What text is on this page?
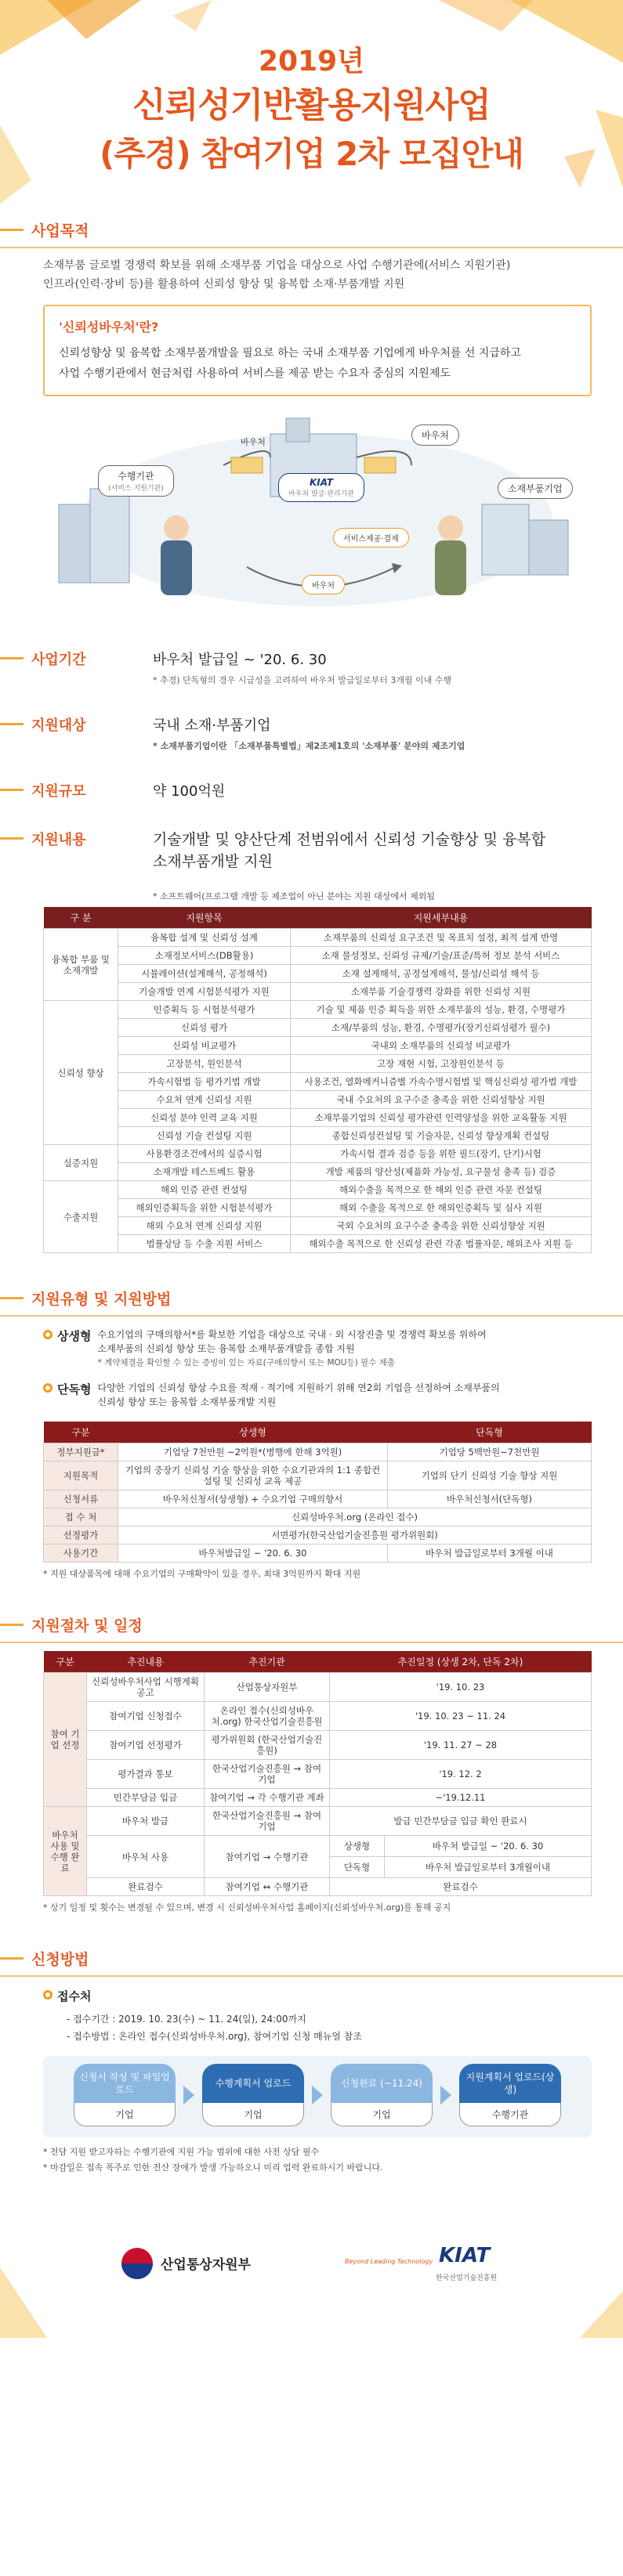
2019년
신뢰성기반활용지원사업
(추경) 참여기업 2차 모집안내
사업목적

소재부품 글로벌 경쟁력 확보를 위해 소재부품 기업을 대상으로 사업 수행기관에(서비스 지원기관)

인프라(인력·장비 등)를 활용하여 신뢰성 향상 및 융복합 소재·부품개발 지원

'신뢰성바우처'란?

신뢰성향상 및 융복합 소재부품개발을 필요로 하는 국내 소재부품 기업에게 바우처를 선 지급하고

사업 수행기관에서 현금처럼 사용하여 서비스를 제공 받는 수요자 중심의 지원제도

수행기관
(서비스 지원기관)
바우처
KIAT
바우처 발급·관리기관
바우처
소재부품기업
서비스제공·결제
바우처
사업기간	바우처 발급일 ~ '20. 6. 30
* 추경) 단독형의 경우 시급성을 고려하여 바우처 발급일로부터 3개월 이내 수행
지원대상	국내 소재·부품기업
* 소재부품기업이란 「소재부품특별법」제2조제1호의 '소재부품' 분야의 제조기업
지원규모	약 100억원
지원내용	기술개발 및 양산단계 전범위에서 신뢰성 기술향상 및 융복합
소재부품개발 지원
* 소프트웨어(프로그램 개발 등 제조업이 아닌 분야는 지원 대상에서 제외됨
구 분	지원항목	지원세부내용
융복합 부품 및소재개발	융복합 설계 및 신뢰성 설계	소재부품의 신뢰성 요구조건 및 목표치 설정, 최적 설계 반영
	소재정보서비스(DB활용)	소재 물성정보, 신뢰성 규제/기술/표준/특허 정보 분석 서비스
	시뮬레이션(설계해석, 공정해석)	소재 설계해석, 공정설계해석, 물성/신뢰성 해석 등
	기술개발 연계 시험분석평가 지원	소재부품 기술경쟁력 강화를 위한 신뢰성 지원
신뢰성 향상	인증획득 등 시험분석평가	기술 및 제품 인증 획득을 위한 소재부품의 성능, 환경, 수명평가
	신뢰성 평가	소재/부품의 성능, 환경, 수명평가(장기신뢰성평가 필수)
	신뢰성 비교평가	국내외 소재부품의 신뢰성 비교평가
	고장분석, 원인분석	고장 재현 시험, 고장원인분석 등
	가속시험법 등 평가기법 개발	사용조건, 열화메커니즘별 가속수명시험법 및 핵심신뢰성 평가법 개발
	수요처 연계 신뢰성 지원	국내 수요처의 요구수준 충족을 위한 신뢰성향상 지원
	신뢰성 분야 인력 교육 지원	소재부품기업의 신뢰성 평가관련 인력양성을 위한 교육활동 지원
	신뢰성 기술 컨설팅 지원	종합신뢰성컨설팅 및 기술자문, 신뢰성 향상계획 컨설팅
실증지원	사용환경조건에서의 실증시험	가속시험 결과 검증 등을 위한 필드(장기, 단기)시험
	소재개발 테스트베드 활용	개발 제품의 양산성(제품화 가능성, 요구물성 충족 등) 검증
수출지원	해외 인증 관련 컨설팅	해외수출을 목적으로 한 해외 인증 관련 자문 컨설팅
	해외인증획득을 위한 시험분석평가	해외 수출을 목적으로 한 해외인증획득 및 심사 지원
	해외 수요처 연계 신뢰성 지원	국외 수요처의 요구수준 충족을 위한 신뢰성향상 지원
	법률상담 등 수출 지원 서비스	해외수출 목적으로 한 신뢰성 관련 각종 법률자문, 해외조사 지원 등
지원유형 및 지원방법
상생형 수요기업의 구매의향서*를 확보한 기업을 대상으로 국내 · 외 시장진출 및 경쟁력 확보를 위하여
소재부품의 신뢰성 향상 또는 융복합 소재부품개발을 종합 지원
* 계약체결을 확인할 수 있는 증빙이 있는 자료(구매의향서 또는 MOU등) 필수 제출
단독형 다양한 기업의 신뢰성 향상 수요를 적재 · 적기에 지원하기 위해 연2회 기업을 선정하여 소재부품의
신뢰성 향상 또는 융복합 소재부품개발 지원
구분	상생형	단독형
정부지원금*	기업당 7천만원 ~2억원*(병행에 한해 3억원)	기업당 5백만원~7천만원
지원목적	기업의 중장기 신뢰성 기술 향상을 위한 수요기관과의 1:1 종합컨설팅 및 신뢰성 교육 제공	기업의 단기 신뢰성 기술 향상 지원
신청서류	바우처신청서(상생형) + 수요기업 구매의향서	바우처신청서(단독형)
접 수 처	신뢰성바우처.org (온라인 접수)	
선정평가	서면평가(한국산업기술진흥원 평가위원회)	
사용기간	바우처발급일 ~ '20. 6. 30	바우처 발급일로부터 3개월 이내
* 지원 대상품목에 대해 수요기업의 구매확약이 있을 경우, 최대 3억원까지 확대 지원
지원절차 및 일정
구분	추진내용	추진기관	추진일정 (상생 2차, 단독 2차)
참여 기업 선정	신뢰성바우처사업 시행계획 공고	산업통상자원부	'19. 10. 23
	참여기업 신청접수	온라인 접수(신뢰성바우처.org) 한국산업기술진흥원	'19. 10. 23 ~ 11. 24
	참여기업 선정평가	평가위원회 (한국산업기술진흥원)	'19. 11. 27 ~ 28
	평가결과 통보	한국산업기술진흥원 → 참여기업	'19. 12. 2
	민간부담금 입금	참여기업 → 각 수행기관 계좌	~'19.12.11
바우처 사용 및 수행 완료	바우처 발급	한국산업기술진흥원 → 참여기업	발급 민간부담금 입금 확인 완료시
	바우처 사용	참여기업 → 수행기관	상생형 바우처 발급일 ~ '20. 6. 30

			단독형 바우처 발급일로부터 3개월이내

	완료검수	참여기업 ↔ 수행기관	완료검수
* 상기 일정 및 횟수는 변경될 수 있으며, 변경 시 신뢰성바우처사업 홈페이지(신뢰성바우처.org)를 통해 공지
신청방법
접수처
- 접수기간 : 2019. 10. 23(수) ~ 11. 24(일), 24:00까지
- 접수방법 : 온라인 접수(신뢰성바우처.org), 참여기업 신청 매뉴얼 참조
신청서 작성 및 파일업로드
기업
수행계획서 업로드
기업
신청완료 (~11.24)
기업
지원계획서 업로드(상생)
수행기관
* 전담 지원 받고자하는 수행기관에 지원 가능 범위에 대한 사전 상담 필수
* 마감일은 접속 폭주로 인한 전산 장애가 발생 가능하오니 미리 업력 완료하시기 바랍니다.
산업통상자원부	Beyond Leading Technology KIAT
한국산업기술진흥원
